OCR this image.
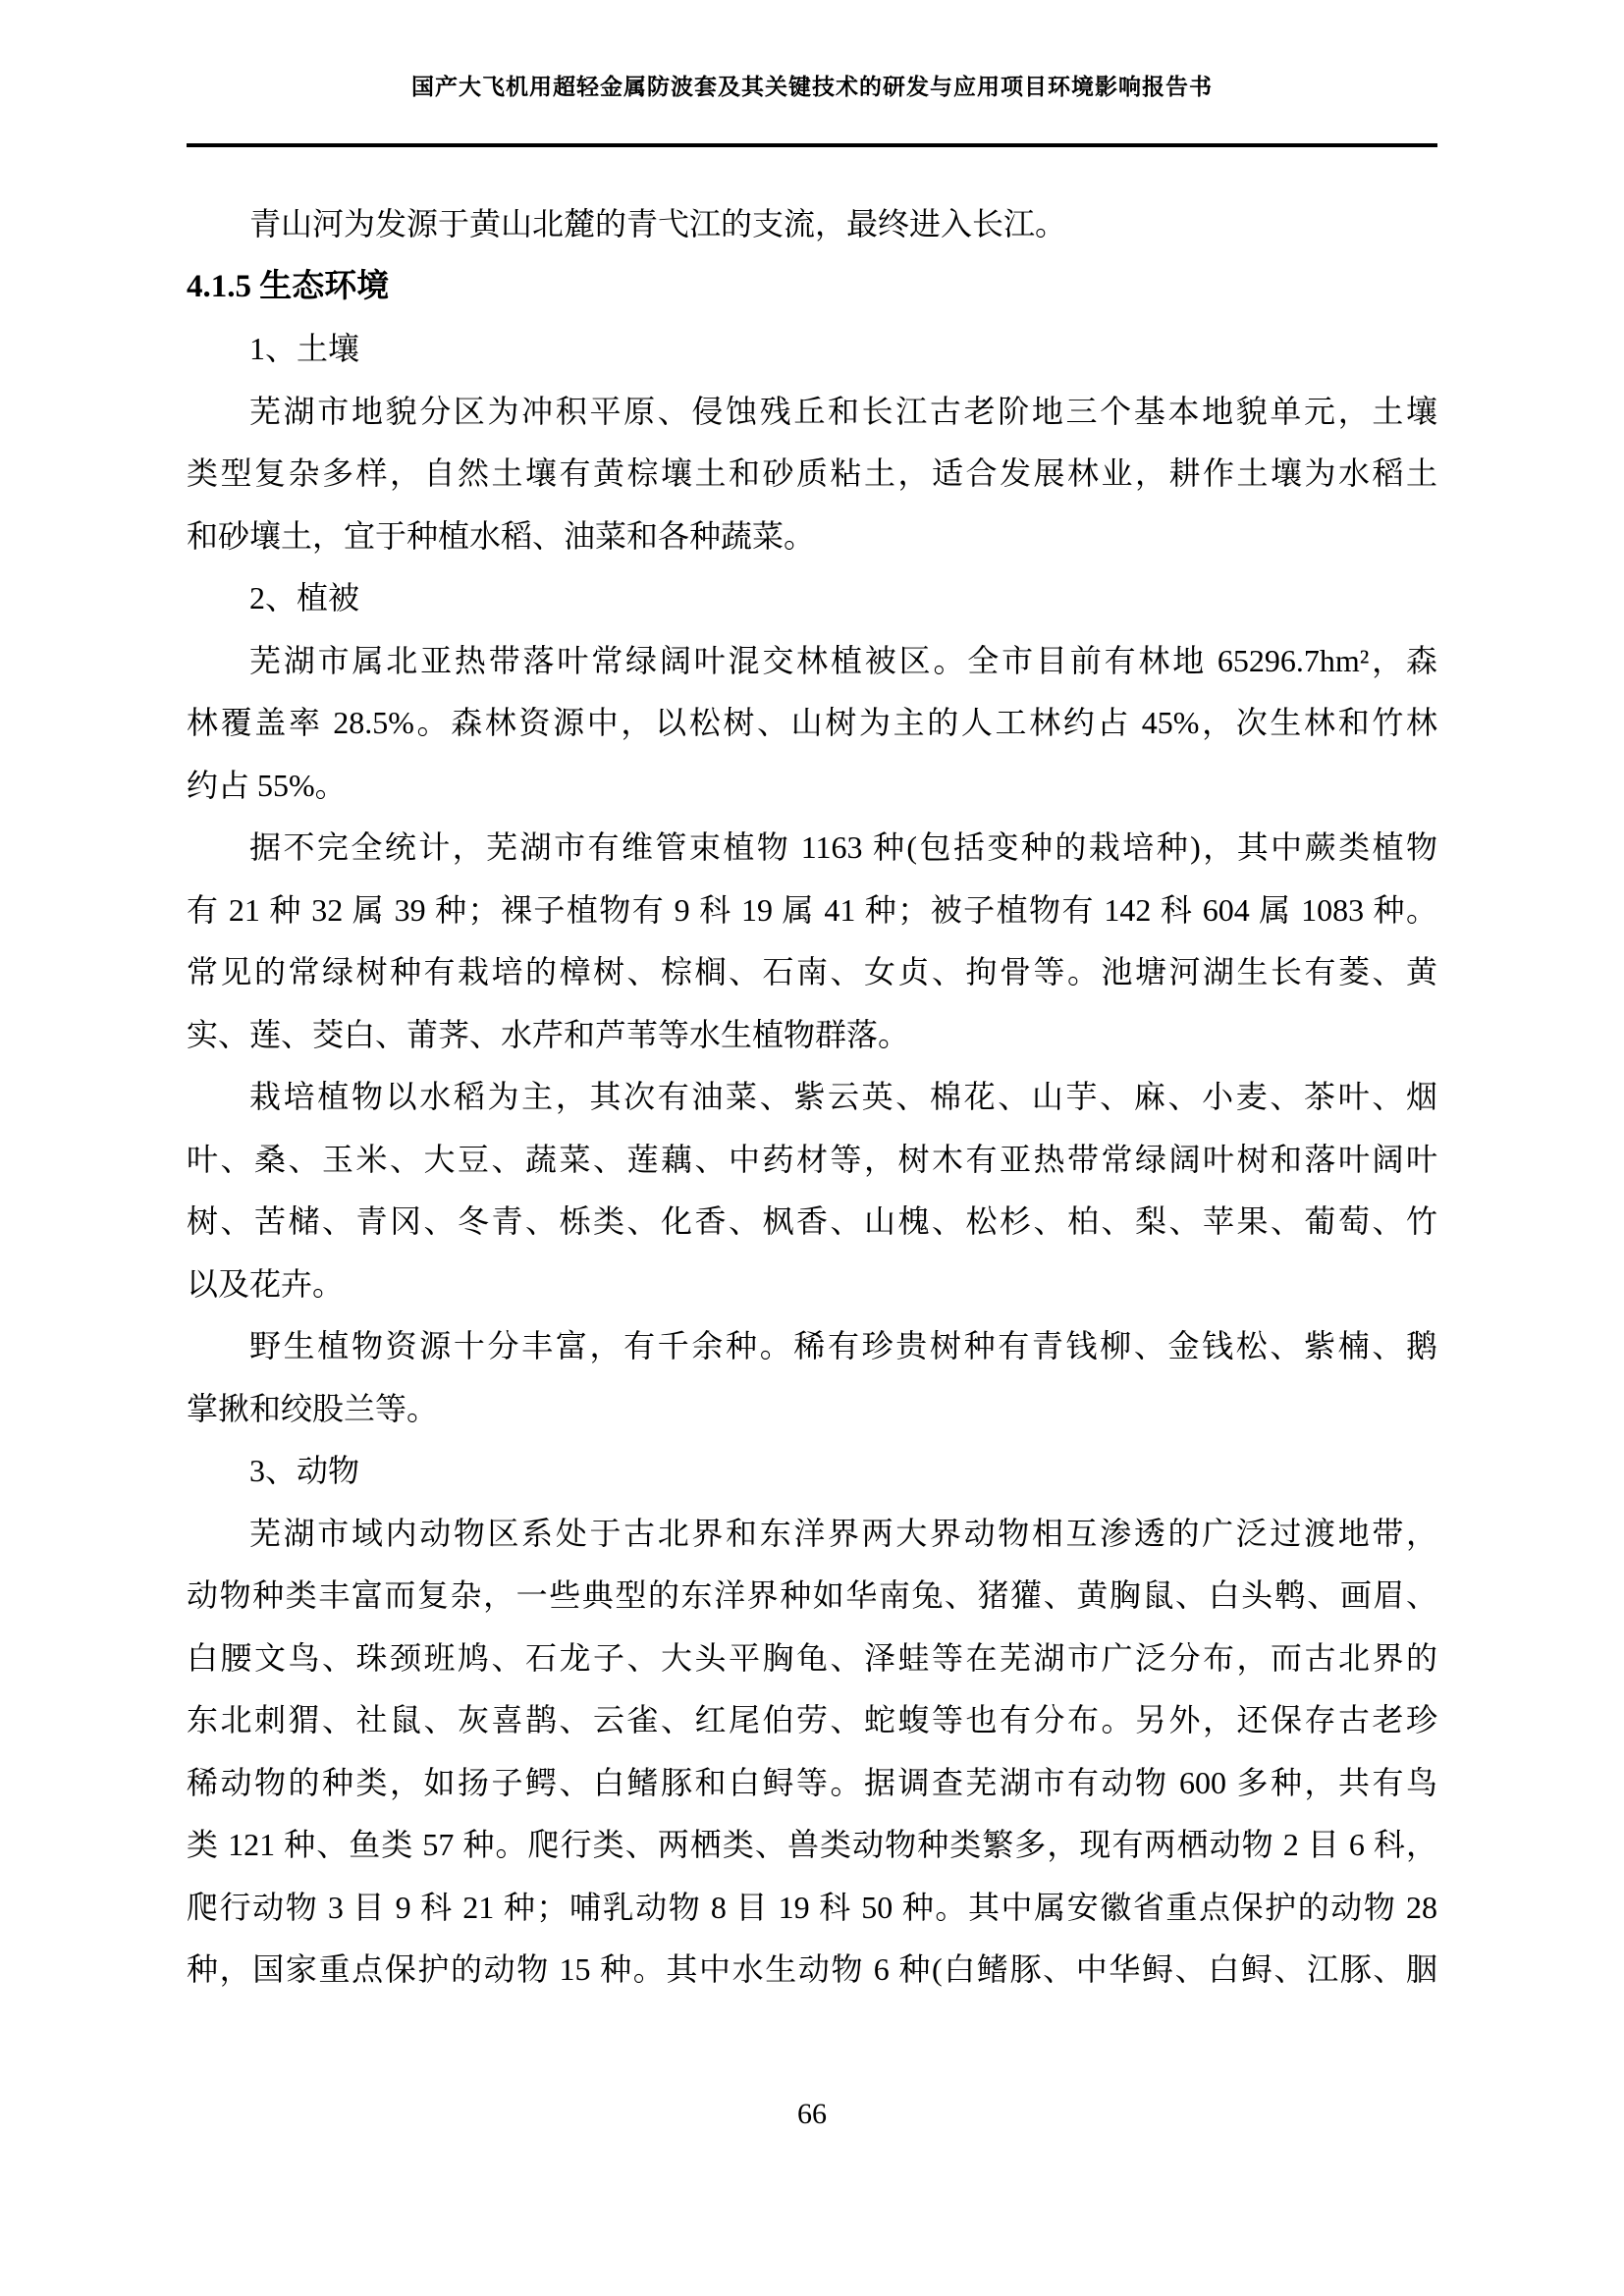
国产大飞机用超轻金属防波套及其关键技术的研发与应用项目环境影响报告书
青山河为发源于黄山北麓的青弋江的支流，最终进入长江。
4.1.5 生态环境
1、土壤
芜湖市地貌分区为冲积平原、侵蚀残丘和长江古老阶地三个基本地貌单元，土壤
类型复杂多样，自然土壤有黄棕壤土和砂质粘土，适合发展林业，耕作土壤为水稻土
和砂壤土，宜于种植水稻、油菜和各种蔬菜。
2、植被
芜湖市属北亚热带落叶常绿阔叶混交林植被区。全市目前有林地 65296.7hm²，森
林覆盖率 28.5%。森林资源中，以松树、山树为主的人工林约占 45%，次生林和竹林
约占 55%。
据不完全统计，芜湖市有维管束植物 1163 种(包括变种的栽培种)，其中蕨类植物
有 21 种 32 属 39 种；裸子植物有 9 科 19 属 41 种；被子植物有 142 科 604 属 1083 种。
常见的常绿树种有栽培的樟树、棕榈、石南、女贞、拘骨等。池塘河湖生长有菱、黄
实、莲、茭白、莆荠、水芹和芦苇等水生植物群落。
栽培植物以水稻为主，其次有油菜、紫云英、棉花、山芋、麻、小麦、茶叶、烟
叶、桑、玉米、大豆、蔬菜、莲藕、中药材等，树木有亚热带常绿阔叶树和落叶阔叶
树、苦槠、青冈、冬青、栎类、化香、枫香、山槐、松杉、柏、梨、苹果、葡萄、竹
以及花卉。
野生植物资源十分丰富，有千余种。稀有珍贵树种有青钱柳、金钱松、紫楠、鹅
掌揪和绞股兰等。
3、动物
芜湖市域内动物区系处于古北界和东洋界两大界动物相互渗透的广泛过渡地带，
动物种类丰富而复杂，一些典型的东洋界种如华南兔、猪獾、黄胸鼠、白头鹎、画眉、
白腰文鸟、珠颈班鸠、石龙子、大头平胸龟、泽蛙等在芜湖市广泛分布，而古北界的
东北刺猬、社鼠、灰喜鹊、云雀、红尾伯劳、蛇蝮等也有分布。另外，还保存古老珍
稀动物的种类，如扬子鳄、白鳍豚和白鲟等。据调查芜湖市有动物 600 多种，共有鸟
类 121 种、鱼类 57 种。爬行类、两栖类、兽类动物种类繁多，现有两栖动物 2 目 6 科，
爬行动物 3 目 9 科 21 种；哺乳动物 8 目 19 科 50 种。其中属安徽省重点保护的动物 28
种，国家重点保护的动物 15 种。其中水生动物 6 种(白鳍豚、中华鲟、白鲟、江豚、胭
66
